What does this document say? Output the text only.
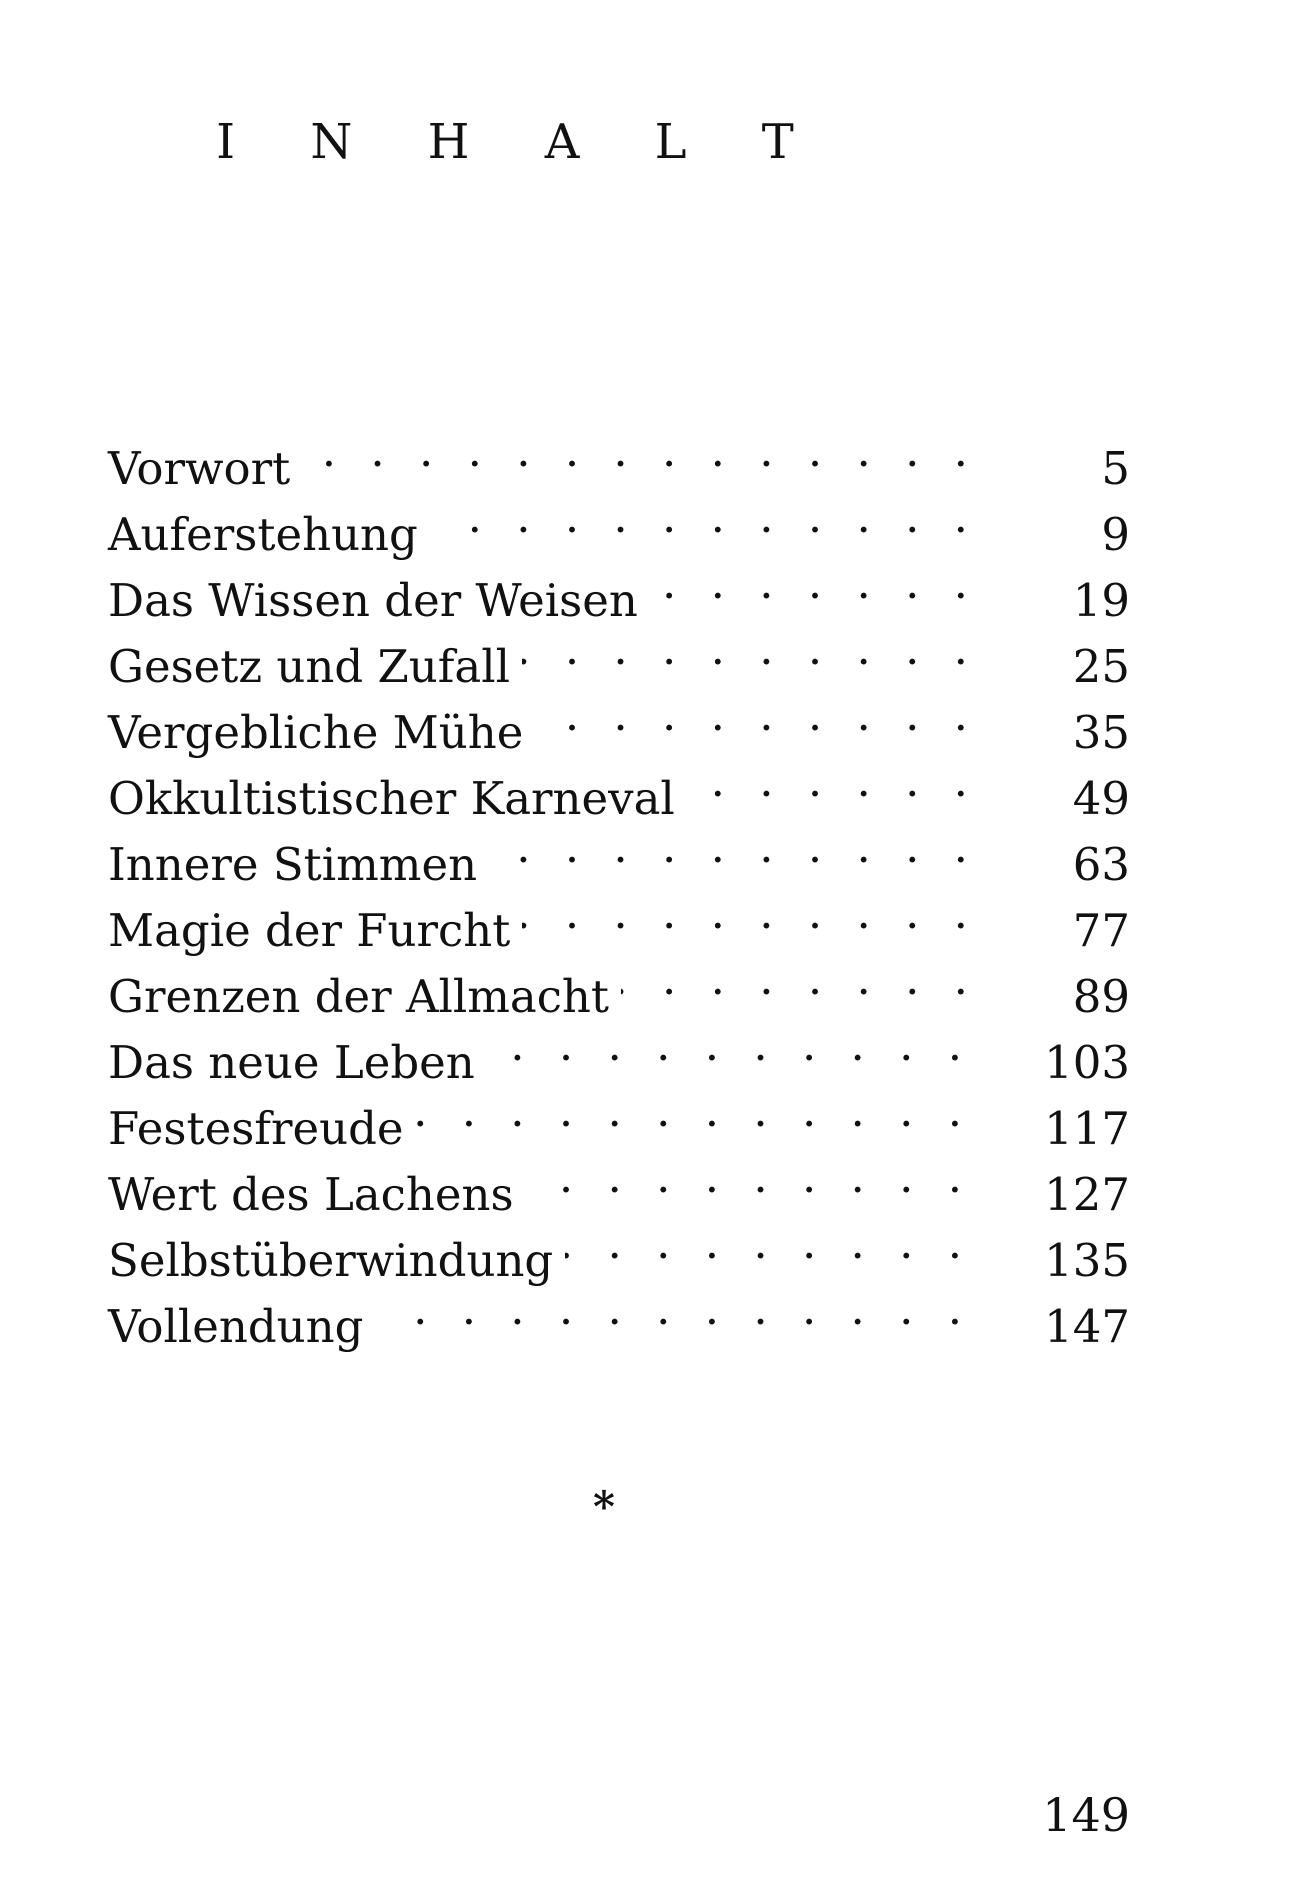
I N H A L T
Vorwort . . .	5
Auferstehung . . .	9
Das Wissen der Weisen . . .	19
Gesetz und Zufall . . .	25
Vergebliche Mühe . . .	35
Okkultistischer Karneval . . .	49
Innere Stimmen . . .	63
Magie der Furcht . . .	77
Grenzen der Allmacht . . .	89
Das neue Leben . . .	103
Festesfreude . . .	117
Wert des Lachens . . .	127
Selbstüberwindung . . .	135
Vollendung . . .	147
*
149
